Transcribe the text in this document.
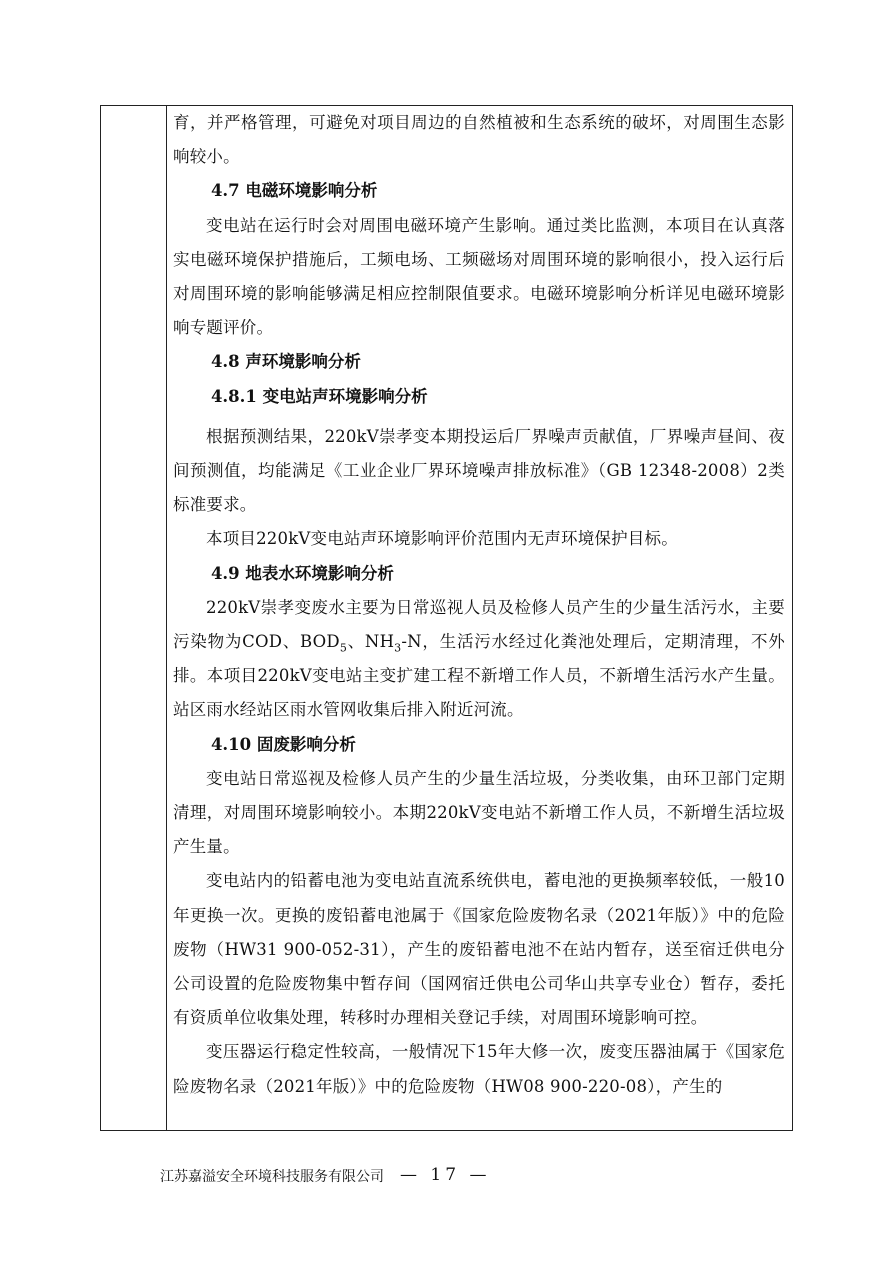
育，并严格管理，可避免对项目周边的自然植被和生态系统的破坏，对周围生态影响较小。

4.7 电磁环境影响分析

变电站在运行时会对周围电磁环境产生影响。通过类比监测，本项目在认真落实电磁环境保护措施后，工频电场、工频磁场对周围环境的影响很小，投入运行后对周围环境的影响能够满足相应控制限值要求。电磁环境影响分析详见电磁环境影响专题评价。

4.8 声环境影响分析

4.8.1 变电站声环境影响分析

根据预测结果，220kV崇孝变本期投运后厂界噪声贡献值，厂界噪声昼间、夜间预测值，均能满足《工业企业厂界环境噪声排放标准》（GB 12348-2008）2类标准要求。

本项目220kV变电站声环境影响评价范围内无声环境保护目标。

4.9 地表水环境影响分析

220kV崇孝变废水主要为日常巡视人员及检修人员产生的少量生活污水，主要污染物为COD、$BOD_5$、$NH_3-N$，生活污水经过化粪池处理后，定期清理，不外排。本项目220kV变电站主变扩建工程不新增工作人员，不新增生活污水产生量。站区雨水经站区雨水管网收集后排入附近河流。

4.10 固废影响分析

变电站日常巡视及检修人员产生的少量生活垃圾，分类收集，由环卫部门定期清理，对周围环境影响较小。本期220kV变电站不新增工作人员，不新增生活垃圾产生量。

变电站内的铅蓄电池为变电站直流系统供电，蓄电池的更换频率较低，一般10年更换一次。更换的废铅蓄电池属于《国家危险废物名录（2021年版）》中的危险废物（HW31 900-052-31），产生的废铅蓄电池不在站内暂存，送至宿迁供电分公司设置的危险废物集中暂存间（国网宿迁供电公司华山共享专业仓）暂存，委托有资质单位收集处理，转移时办理相关登记手续，对周围环境影响可控。

变压器运行稳定性较高，一般情况下15年大修一次，废变压器油属于《国家危险废物名录（2021年版）》中的危险废物（HW08 900-220-08），产生的

江苏嘉溢安全环境科技服务有限公司 — 17 —
